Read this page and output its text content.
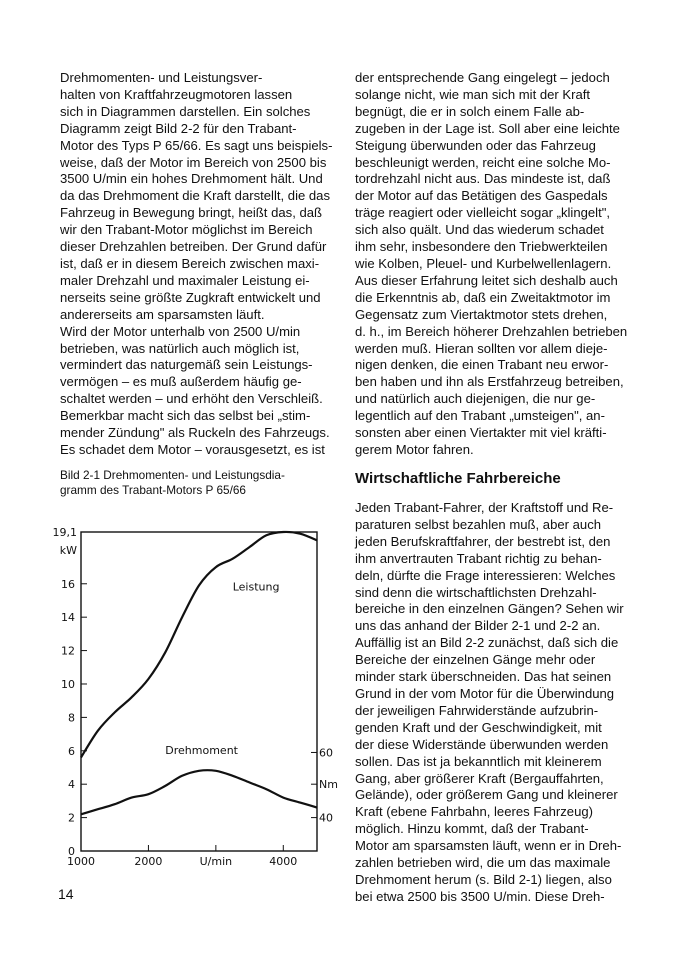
Drehmomenten- und Leistungsver-
halten von Kraftfahrzeugmotoren lassen
sich in Diagrammen darstellen. Ein solches
Diagramm zeigt Bild 2-2 für den Trabant-
Motor des Typs P 65/66. Es sagt uns beispiels-
weise, daß der Motor im Bereich von 2500 bis
3500 U/min ein hohes Drehmoment hält. Und
da das Drehmoment die Kraft darstellt, die das
Fahrzeug in Bewegung bringt, heißt das, daß
wir den Trabant-Motor möglichst im Bereich
dieser Drehzahlen betreiben. Der Grund dafür
ist, daß er in diesem Bereich zwischen maxi-
maler Drehzahl und maximaler Leistung ei-
nerseits seine größte Zugkraft entwickelt und
andererseits am sparsamsten läuft.
Wird der Motor unterhalb von 2500 U/min
betrieben, was natürlich auch möglich ist,
vermindert das naturgemäß sein Leistungs-
vermögen – es muß außerdem häufig ge-
schaltet werden – und erhöht den Verschleiß.
Bemerkbar macht sich das selbst bei „stim-
mender Zündung" als Ruckeln des Fahrzeugs.
Es schadet dem Motor – vorausgesetzt, es ist
der entsprechende Gang eingelegt – jedoch
solange nicht, wie man sich mit der Kraft
begnügt, die er in solch einem Falle ab-
zugeben in der Lage ist. Soll aber eine leichte
Steigung überwunden oder das Fahrzeug
beschleunigt werden, reicht eine solche Mo-
tordrehzahl nicht aus. Das mindeste ist, daß
der Motor auf das Betätigen des Gaspedals
träge reagiert oder vielleicht sogar „klingelt",
sich also quält. Und das wiederum schadet
ihm sehr, insbesondere den Triebwerkteilen
wie Kolben, Pleuel- und Kurbelwellenlagern.
Aus dieser Erfahrung leitet sich deshalb auch
die Erkenntnis ab, daß ein Zweitaktmotor im
Gegensatz zum Viertaktmotor stets drehen,
d. h., im Bereich höherer Drehzahlen betrieben
werden muß. Hieran sollten vor allem dieje-
nigen denken, die einen Trabant neu erwor-
ben haben und ihn als Erstfahrzeug betreiben,
und natürlich auch diejenigen, die nur ge-
legentlich auf den Trabant „umsteigen", an-
sonsten aber einen Viertakter mit viel kräfti-
gerem Motor fahren.
Bild 2-1 Drehmomenten- und Leistungsdia-
gramm des Trabant-Motors P 65/66
Wirtschaftliche Fahrbereiche
Jeden Trabant-Fahrer, der Kraftstoff und Re-
paraturen selbst bezahlen muß, aber auch
jeden Berufskraftfahrer, der bestrebt ist, den
ihm anvertrauten Trabant richtig zu behan-
deln, dürfte die Frage interessieren: Welches
sind denn die wirtschaftlichsten Drehzahl-
bereiche in den einzelnen Gängen? Sehen wir
uns das anhand der Bilder 2-1 und 2-2 an.
Auffällig ist an Bild 2-2 zunächst, daß sich die
Bereiche der einzelnen Gänge mehr oder
minder stark überschneiden. Das hat seinen
Grund in der vom Motor für die Überwindung
der jeweiligen Fahrwiderstände aufzubrin-
genden Kraft und der Geschwindigkeit, mit
der diese Widerstände überwunden werden
sollen. Das ist ja bekanntlich mit kleinerem
Gang, aber größerer Kraft (Bergauffahrten,
Gelände), oder größerem Gang und kleinerer
Kraft (ebene Fahrbahn, leeres Fahrzeug)
möglich. Hinzu kommt, daß der Trabant-
Motor am sparsamsten läuft, wenn er in Dreh-
zahlen betrieben wird, die um das maximale
Drehmoment herum (s. Bild 2-1) liegen, also
bei etwa 2500 bis 3500 U/min. Diese Dreh-
0
2
4
6
8
10
12
14
16
19,1
kW
1000	2000	U/min	4000
60
Nm
40
Leistung
Drehmoment
14
